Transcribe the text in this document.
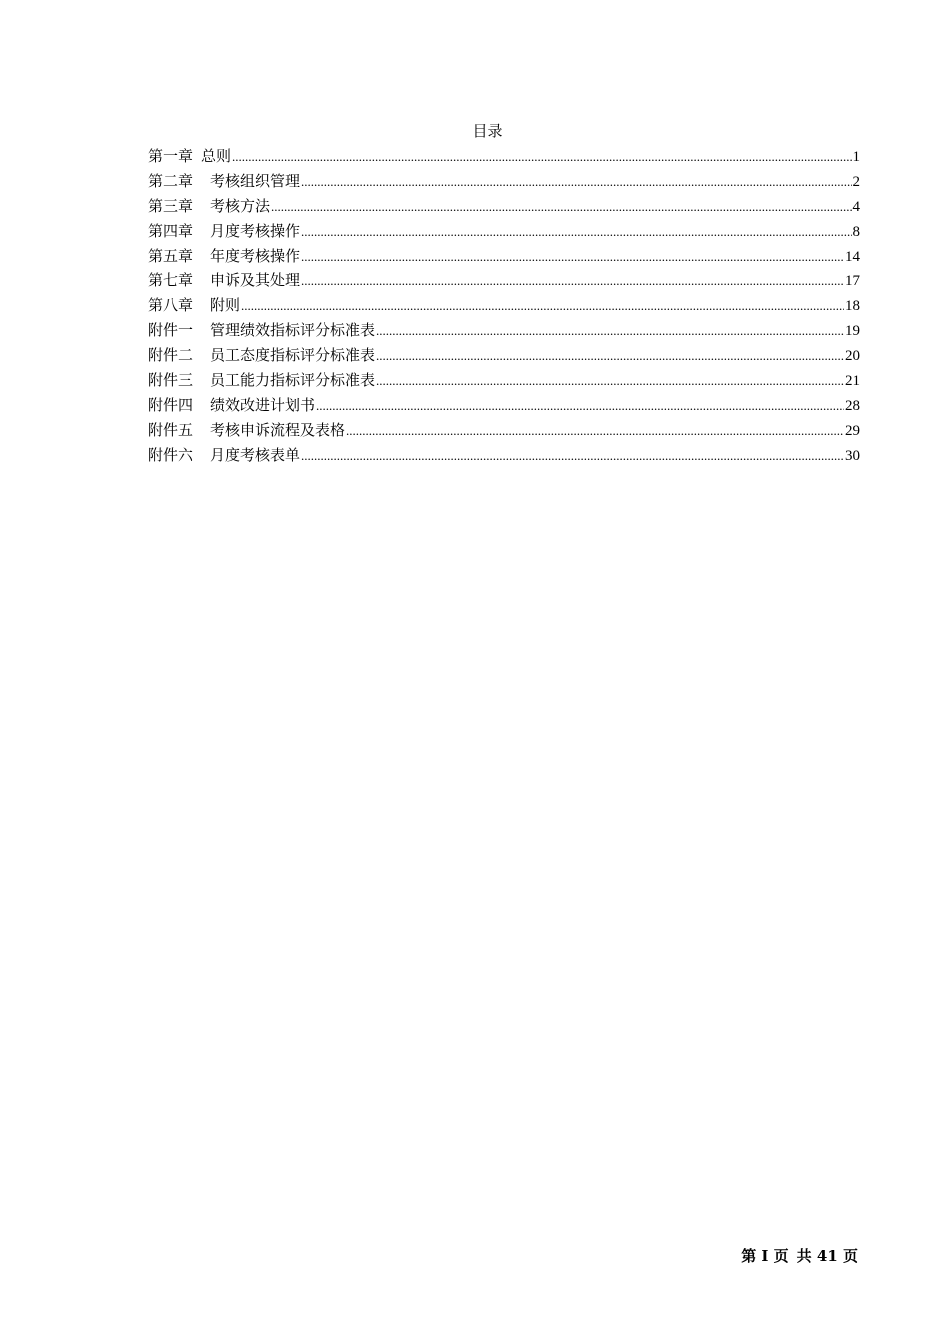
目录
第一章 总则 .....	1
第二章 考核组织管理 .....	2
第三章 考核方法 .....	4
第四章 月度考核操作 .....	8
第五章 年度考核操作 .....	14
第七章 申诉及其处理 .....	17
第八章 附则 .....	18
附件一 管理绩效指标评分标准表 .....	19
附件二 员工态度指标评分标准表 .....	20
附件三 员工能力指标评分标准表 .....	21
附件四 绩效改进计划书 .....	28
附件五 考核申诉流程及表格 .....	29
附件六 月度考核表单 .....	30
第 I 页 共 41 页
